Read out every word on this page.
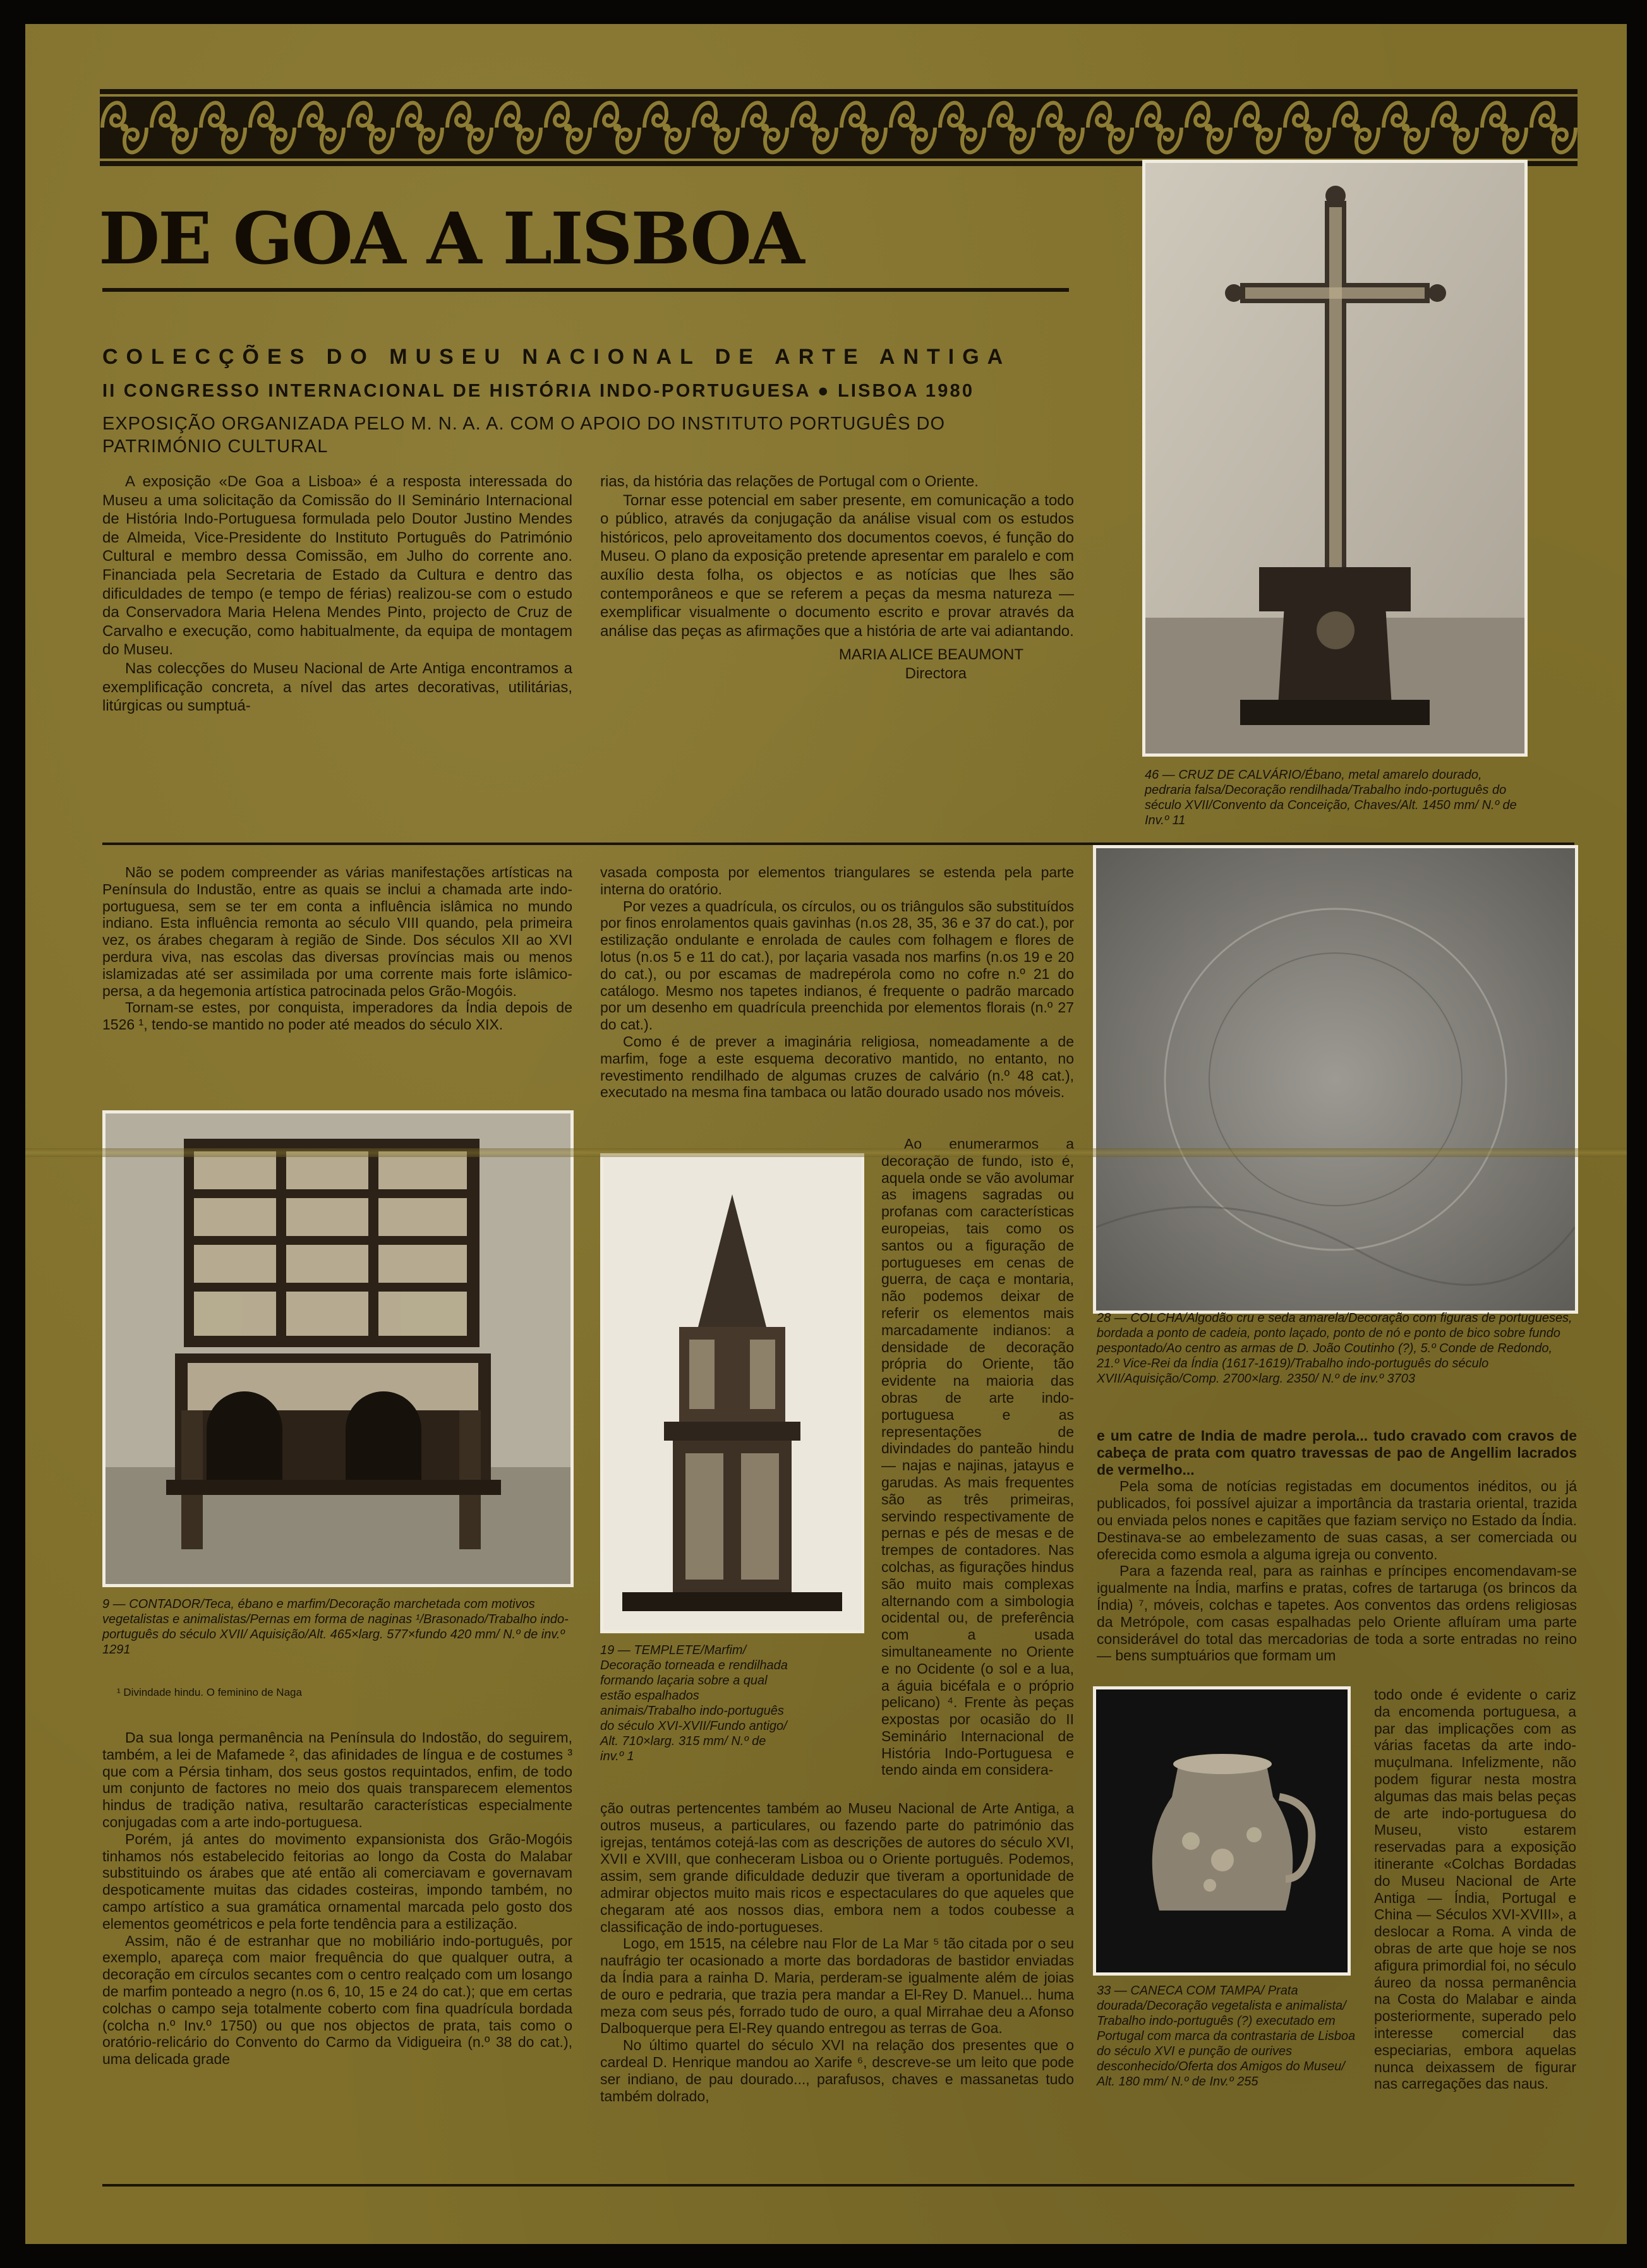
DE GOA A LISBOA
COLECÇÕES DO MUSEU NACIONAL DE ARTE ANTIGA
II CONGRESSO INTERNACIONAL DE HISTÓRIA INDO-PORTUGUESA ● LISBOA 1980
EXPOSIÇÃO ORGANIZADA PELO M. N. A. A. COM O APOIO DO INSTITUTO PORTUGUÊS DO PATRIMÓNIO CULTURAL

A exposição «De Goa a Lisboa» é a resposta interessada do Museu a uma solicitação da Comissão do II Seminário Internacional de História Indo-Portuguesa formulada pelo Doutor Justino Mendes de Almeida, Vice-Presidente do Instituto Português do Património Cultural e membro dessa Comissão, em Julho do corrente ano. Financiada pela Secretaria de Estado da Cultura e dentro das dificuldades de tempo (e tempo de férias) realizou-se com o estudo da Conservadora Maria Helena Mendes Pinto, projecto de Cruz de Carvalho e execução, como habitualmente, da equipa de montagem do Museu.

Nas colecções do Museu Nacional de Arte Antiga encontramos a exemplificação concreta, a nível das artes decorativas, utilitárias, litúrgicas ou sumptuá-

rias, da história das relações de Portugal com o Oriente.

Tornar esse potencial em saber presente, em comunicação a todo o público, através da conjugação da análise visual com os estudos históricos, pelo aproveitamento dos documentos coevos, é função do Museu. O plano da exposição pretende apresentar em paralelo e com auxílio desta folha, os objectos e as notícias que lhes são contemporâneos e que se referem a peças da mesma natureza — exemplificar visualmente o documento escrito e provar através da análise das peças as afirmações que a história de arte vai adiantando.

MARIA ALICE BEAUMONT

Directora

46 — CRUZ DE CALVÁRIO/Ébano, metal amarelo dourado, pedraria falsa/Decoração rendilhada/Trabalho indo-português do século XVII/Convento da Conceição, Chaves/Alt. 1450 mm/ N.º de Inv.º 11

Não se podem compreender as várias manifestações artísticas na Península do Industão, entre as quais se inclui a chamada arte indo-portuguesa, sem se ter em conta a influência islâmica no mundo indiano. Esta influência remonta ao século VIII quando, pela primeira vez, os árabes chegaram à região de Sinde. Dos séculos XII ao XVI perdura viva, nas escolas das diversas províncias mais ou menos islamizadas até ser assimilada por uma corrente mais forte islâmico-persa, a da hegemonia artística patrocinada pelos Grão-Mogóis.

Tornam-se estes, por conquista, imperadores da Índia depois de 1526 ¹, tendo-se mantido no poder até meados do século XIX.

9 — CONTADOR/Teca, ébano e marfim/Decoração marchetada com motivos vegetalistas e animalistas/Pernas em forma de naginas ¹/Brasonado/Trabalho indo-português do século XVII/ Aquisição/Alt. 465×larg. 577×fundo 420 mm/ N.º de inv.º 1291
¹ Divindade hindu. O feminino de Naga

Da sua longa permanência na Península do Indostão, do seguirem, também, a lei de Mafamede ², das afinidades de língua e de costumes ³ que com a Pérsia tinham, dos seus gostos requintados, enfim, de todo um conjunto de factores no meio dos quais transparecem elementos hindus de tradição nativa, resultarão características especialmente conjugadas com a arte indo-portuguesa.

Porém, já antes do movimento expansionista dos Grão-Mogóis tinhamos nós estabelecido feitorias ao longo da Costa do Malabar substituindo os árabes que até então ali comerciavam e governavam despoticamente muitas das cidades costeiras, impondo também, no campo artístico a sua gramática ornamental marcada pelo gosto dos elementos geométricos e pela forte tendência para a estilização.

Assim, não é de estranhar que no mobiliário indo-português, por exemplo, apareça com maior frequência do que qualquer outra, a decoração em círculos secantes com o centro realçado com um losango de marfim ponteado a negro (n.os 6, 10, 15 e 24 do cat.); que em certas colchas o campo seja totalmente coberto com fina quadrícula bordada (colcha n.º Inv.º 1750) ou que nos objectos de prata, tais como o oratório-relicário do Convento do Carmo da Vidigueira (n.º 38 do cat.), uma delicada grade

vasada composta por elementos triangulares se estenda pela parte interna do oratório.

Por vezes a quadrícula, os círculos, ou os triângulos são substituídos por finos enrolamentos quais gavinhas (n.os 28, 35, 36 e 37 do cat.), por estilização ondulante e enrolada de caules com folhagem e flores de lotus (n.os 5 e 11 do cat.), por laçaria vasada nos marfins (n.os 19 e 20 do cat.), ou por escamas de madrepérola como no cofre n.º 21 do catálogo. Mesmo nos tapetes indianos, é frequente o padrão marcado por um desenho em quadrícula preenchida por elementos florais (n.º 27 do cat.).

Como é de prever a imaginária religiosa, nomeadamente a de marfim, foge a este esquema decorativo mantido, no entanto, no revestimento rendilhado de algumas cruzes de calvário (n.º 48 cat.), executado na mesma fina tambaca ou latão dourado usado nos móveis.

19 — TEMPLETE/Marfim/ Decoração torneada e rendilhada formando laçaria sobre a qual estão espalhados animais/Trabalho indo-português do século XVI-XVII/Fundo antigo/ Alt. 710×larg. 315 mm/ N.º de inv.º 1

Ao enumerarmos a decoração de fundo, isto é, aquela onde se vão avolumar as imagens sagradas ou profanas com características europeias, tais como os santos ou a figuração de portugueses em cenas de guerra, de caça e montaria, não podemos deixar de referir os elementos mais marcadamente indianos: a densidade de decoração própria do Oriente, tão evidente na maioria das obras de arte indo-portuguesa e as representações de divindades do panteão hindu — najas e najinas, jatayus e garudas. As mais frequentes são as três primeiras, servindo respectivamente de pernas e pés de mesas e de trempes de contadores. Nas colchas, as figurações hindus são muito mais complexas alternando com a simbologia ocidental ou, de preferência com a usada simultaneamente no Oriente e no Ocidente (o sol e a lua, a águia bicéfala e o próprio pelicano) ⁴. Frente às peças expostas por ocasião do II Seminário Internacional de História Indo-Portuguesa e tendo ainda em considera-

ção outras pertencentes também ao Museu Nacional de Arte Antiga, a outros museus, a particulares, ou fazendo parte do património das igrejas, tentámos cotejá-las com as descrições de autores do século XVI, XVII e XVIII, que conheceram Lisboa ou o Oriente português. Podemos, assim, sem grande dificuldade deduzir que tiveram a oportunidade de admirar objectos muito mais ricos e espectaculares do que aqueles que chegaram até aos nossos dias, embora nem a todos coubesse a classificação de indo-portugueses.

Logo, em 1515, na célebre nau Flor de La Mar ⁵ tão citada por o seu naufrágio ter ocasionado a morte das bordadoras de bastidor enviadas da Índia para a rainha D. Maria, perderam-se igualmente além de joias de ouro e pedraria, que trazia pera mandar a El-Rey D. Manuel... huma meza com seus pés, forrado tudo de ouro, a qual Mirrahae deu a Afonso Dalboquerque pera El-Rey quando entregou as terras de Goa.

No último quartel do século XVI na relação dos presentes que o cardeal D. Henrique mandou ao Xarife ⁶, descreve-se um leito que pode ser indiano, de pau dourado..., parafusos, chaves e massanetas tudo também dolrado,

28 — COLCHA/Algodão cru e seda amarela/Decoração com figuras de portugueses, bordada a ponto de cadeia, ponto laçado, ponto de nó e ponto de bico sobre fundo pespontado/Ao centro as armas de D. João Coutinho (?), 5.º Conde de Redondo, 21.º Vice-Rei da Índia (1617-1619)/Trabalho indo-português do século XVII/Aquisição/Comp. 2700×larg. 2350/ N.º de inv.º 3703

e um catre de India de madre perola... tudo cravado com cravos de cabeça de prata com quatro travessas de pao de Angellim lacrados de vermelho...

Pela soma de notícias registadas em documentos inéditos, ou já publicados, foi possível ajuizar a importância da trastaria oriental, trazida ou enviada pelos nones e capitães que faziam serviço no Estado da Índia. Destinava-se ao embelezamento de suas casas, a ser comerciada ou oferecida como esmola a alguma igreja ou convento.

Para a fazenda real, para as rainhas e príncipes encomendavam-se igualmente na Índia, marfins e pratas, cofres de tartaruga (os brincos da Índia) ⁷, móveis, colchas e tapetes. Aos conventos das ordens religiosas da Metrópole, com casas espalhadas pelo Oriente afluíram uma parte considerável do total das mercadorias de toda a sorte entradas no reino — bens sumptuários que formam um

33 — CANECA COM TAMPA/ Prata dourada/Decoração vegetalista e animalista/ Trabalho indo-português (?) executado em Portugal com marca da contrastaria de Lisboa do século XVI e punção de ourives desconhecido/Oferta dos Amigos do Museu/ Alt. 180 mm/ N.º de Inv.º 255

todo onde é evidente o cariz da encomenda portuguesa, a par das implicações com as várias facetas da arte indo-muçulmana. Infelizmente, não podem figurar nesta mostra algumas das mais belas peças de arte indo-portuguesa do Museu, visto estarem reservadas para a exposição itinerante «Colchas Bordadas do Museu Nacional de Arte Antiga — Índia, Portugal e China — Séculos XVI-XVIII», a deslocar a Roma. A vinda de obras de arte que hoje se nos afigura primordial foi, no século áureo da nossa permanência na Costa do Malabar e ainda posteriormente, superado pelo interesse comercial das especiarias, embora aquelas nunca deixassem de figurar nas carregações das naus.
